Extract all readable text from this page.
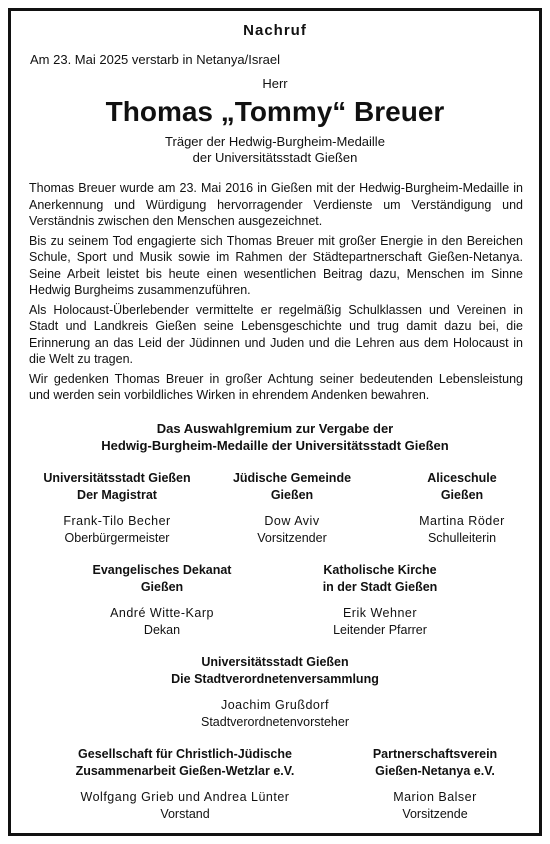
Nachruf
Am 23. Mai 2025 verstarb in Netanya/Israel
Herr
Thomas „Tommy“ Breuer
Träger der Hedwig-Burgheim-Medaille
der Universitätsstadt Gießen

Thomas Breuer wurde am 23. Mai 2016 in Gießen mit der Hedwig-Burgheim-Medaille in Anerkennung und Würdigung hervorragender Verdienste um Verständigung und Verständnis zwischen den Menschen ausgezeichnet.

Bis zu seinem Tod engagierte sich Thomas Breuer mit großer Energie in den Bereichen Schule, Sport und Musik sowie im Rahmen der Städtepartnerschaft Gießen-Netanya. Seine Arbeit leistet bis heute einen wesentlichen Beitrag dazu, Menschen im Sinne Hedwig Burgheims zusammenzuführen.

Als Holocaust-Überlebender vermittelte er regelmäßig Schulklassen und Vereinen in Stadt und Landkreis Gießen seine Lebensgeschichte und trug damit dazu bei, die Erinnerung an das Leid der Jüdinnen und Juden und die Lehren aus dem Holocaust in die Welt zu tragen.

Wir gedenken Thomas Breuer in großer Achtung seiner bedeutenden Lebensleistung und werden sein vorbildliches Wirken in ehrendem Andenken bewahren.

Das Auswahlgremium zur Vergabe der
Hedwig-Burgheim-Medaille der Universitätsstadt Gießen
Universitätsstadt Gießen
Der Magistrat
Frank-Tilo Becher
Oberbürgermeister
Jüdische Gemeinde
Gießen
Dow Aviv
Vorsitzender
Aliceschule
Gießen
Martina Röder
Schulleiterin
Evangelisches Dekanat
Gießen
André Witte-Karp
Dekan
Katholische Kirche
in der Stadt Gießen
Erik Wehner
Leitender Pfarrer
Universitätsstadt Gießen
Die Stadtverordnetenversammlung
Joachim Grußdorf
Stadtverordnetenvorsteher
Gesellschaft für Christlich-Jüdische
Zusammenarbeit Gießen-Wetzlar e.V.
Wolfgang Grieb und Andrea Lünter
Vorstand
Partnerschaftsverein
Gießen-Netanya e.V.
Marion Balser
Vorsitzende
